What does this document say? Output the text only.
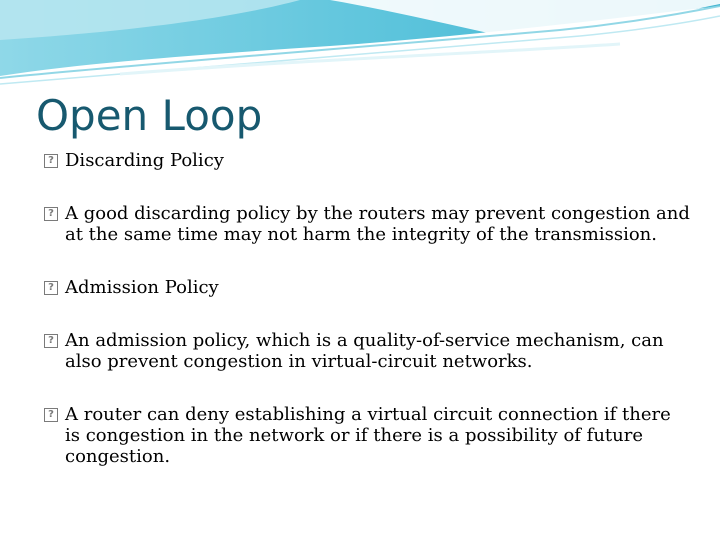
Open Loop
? Discarding Policy
? A good discarding policy by the routers may prevent congestion and at the same time may not harm the integrity of the transmission.
? Admission Policy
? An admission policy, which is a quality-of-service mechanism, can also prevent congestion in virtual-circuit networks.
? A router can deny establishing a virtual circuit connection if there is congestion in the network or if there is a possibility of future congestion.
